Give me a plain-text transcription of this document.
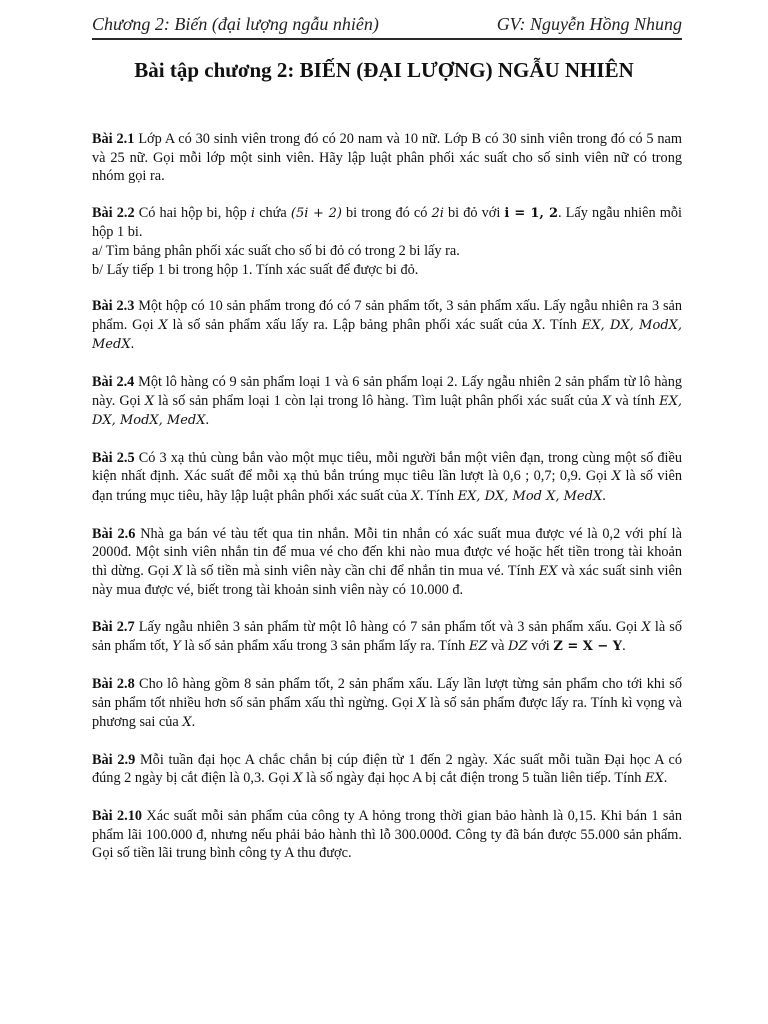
Chương 2: Biến (đại lượng ngẫu nhiên)	GV: Nguyễn Hồng Nhung
Bài tập chương 2: BIẾN (ĐẠI LƯỢNG) NGẪU NHIÊN

Bài 2.1 Lớp A có 30 sinh viên trong đó có 20 nam và 10 nữ. Lớp B có 30 sinh viên trong đó có 5 nam và 25 nữ. Gọi mỗi lớp một sinh viên. Hãy lập luật phân phối xác suất cho số sinh viên nữ có trong nhóm gọi ra.

Bài 2.2 Có hai hộp bi, hộp i chứa (5i + 2) bi trong đó có 2i bi đỏ với i = 1, 2. Lấy ngẫu nhiên mỗi hộp 1 bi.
a/ Tìm bảng phân phối xác suất cho số bi đỏ có trong 2 bi lấy ra.
b/ Lấy tiếp 1 bi trong hộp 1. Tính xác suất để được bi đỏ.

Bài 2.3 Một hộp có 10 sản phẩm trong đó có 7 sản phẩm tốt, 3 sản phẩm xấu. Lấy ngẫu nhiên ra 3 sản phẩm. Gọi X là số sản phẩm xấu lấy ra. Lập bảng phân phối xác suất của X. Tính EX, DX, ModX, MedX.

Bài 2.4 Một lô hàng có 9 sản phẩm loại 1 và 6 sản phẩm loại 2. Lấy ngẫu nhiên 2 sản phẩm từ lô hàng này. Gọi X là số sản phẩm loại 1 còn lại trong lô hàng. Tìm luật phân phối xác suất của X và tính EX, DX, ModX, MedX.

Bài 2.5 Có 3 xạ thủ cùng bắn vào một mục tiêu, mỗi người bắn một viên đạn, trong cùng một số điều kiện nhất định. Xác suất để mỗi xạ thủ bắn trúng mục tiêu lần lượt là 0,6 ; 0,7; 0,9. Gọi X là số viên đạn trúng mục tiêu, hãy lập luật phân phối xác suất của X. Tính EX, DX, Mod X, MedX.

Bài 2.6 Nhà ga bán vé tàu tết qua tin nhắn. Mỗi tin nhắn có xác suất mua được vé là 0,2 với phí là 2000đ. Một sinh viên nhắn tin để mua vé cho đến khi nào mua được vé hoặc hết tiền trong tài khoản thì dừng. Gọi X là số tiền mà sinh viên này cần chi để nhắn tin mua vé. Tính EX và xác suất sinh viên này mua được vé, biết trong tài khoản sinh viên này có 10.000 đ.

Bài 2.7 Lấy ngẫu nhiên 3 sản phẩm từ một lô hàng có 7 sản phẩm tốt và 3 sản phẩm xấu. Gọi X là số sản phẩm tốt, Y là số sản phẩm xấu trong 3 sản phẩm lấy ra. Tính EZ và DZ với Z = X − Y.

Bài 2.8 Cho lô hàng gồm 8 sản phẩm tốt, 2 sản phẩm xấu. Lấy lần lượt từng sản phẩm cho tới khi số sản phẩm tốt nhiều hơn số sản phẩm xấu thì ngừng. Gọi X là số sản phẩm được lấy ra. Tính kì vọng và phương sai của X.

Bài 2.9 Mỗi tuần đại học A chắc chắn bị cúp điện từ 1 đến 2 ngày. Xác suất mỗi tuần Đại học A có đúng 2 ngày bị cắt điện là 0,3. Gọi X là số ngày đại học A bị cắt điện trong 5 tuần liên tiếp. Tính EX.

Bài 2.10 Xác suất mỗi sản phẩm của công ty A hỏng trong thời gian bảo hành là 0,15. Khi bán 1 sản phẩm lãi 100.000 đ, nhưng nếu phải bảo hành thì lỗ 300.000đ. Công ty đã bán được 55.000 sản phẩm. Gọi số tiền lãi trung bình công ty A thu được.
